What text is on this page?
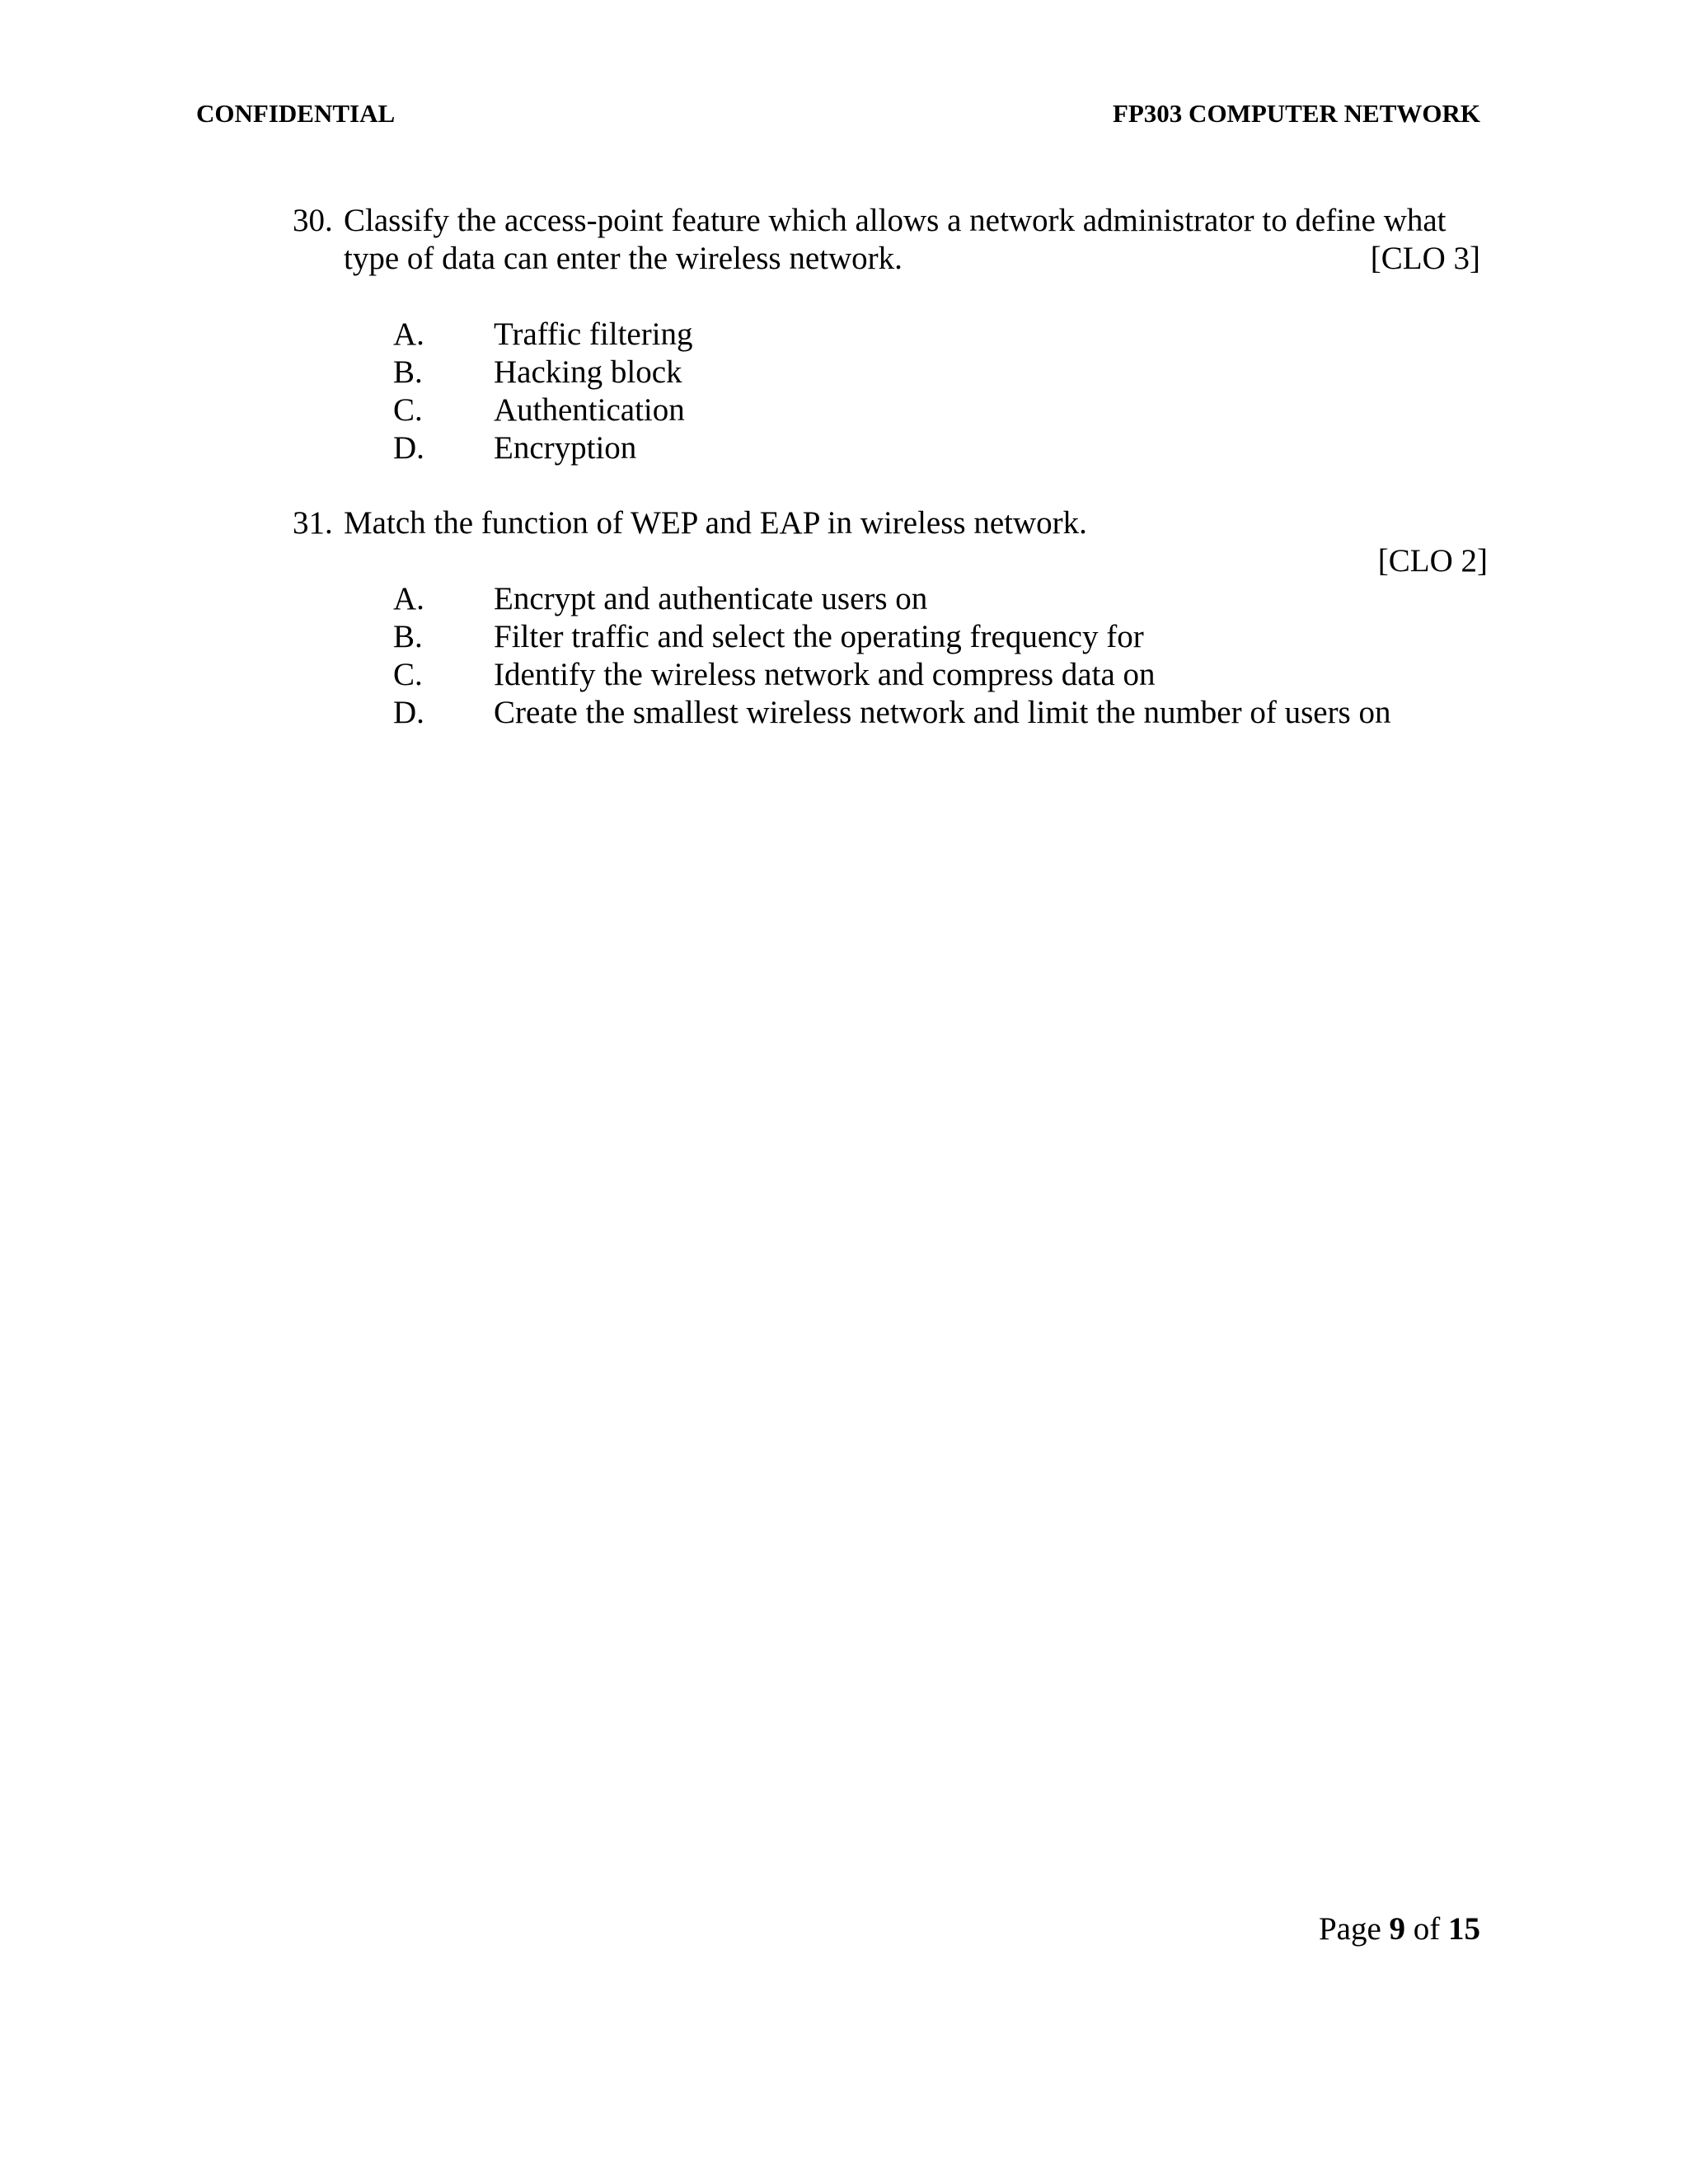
CONFIDENTIAL	FP303 COMPUTER NETWORK
30. Classify the access-point feature which allows a network administrator to define what
type of data can enter the wireless network.	[CLO 3]
A.	Traffic filtering
B.	Hacking block
C.	Authentication
D.	Encryption
31. Match the function of WEP and EAP in wireless network.
[CLO 2]
A.	Encrypt and authenticate users on
B.	Filter traffic and select the operating frequency for
C.	Identify the wireless network and compress data on
D.	Create the smallest wireless network and limit the number of users on
Page 9 of 15
